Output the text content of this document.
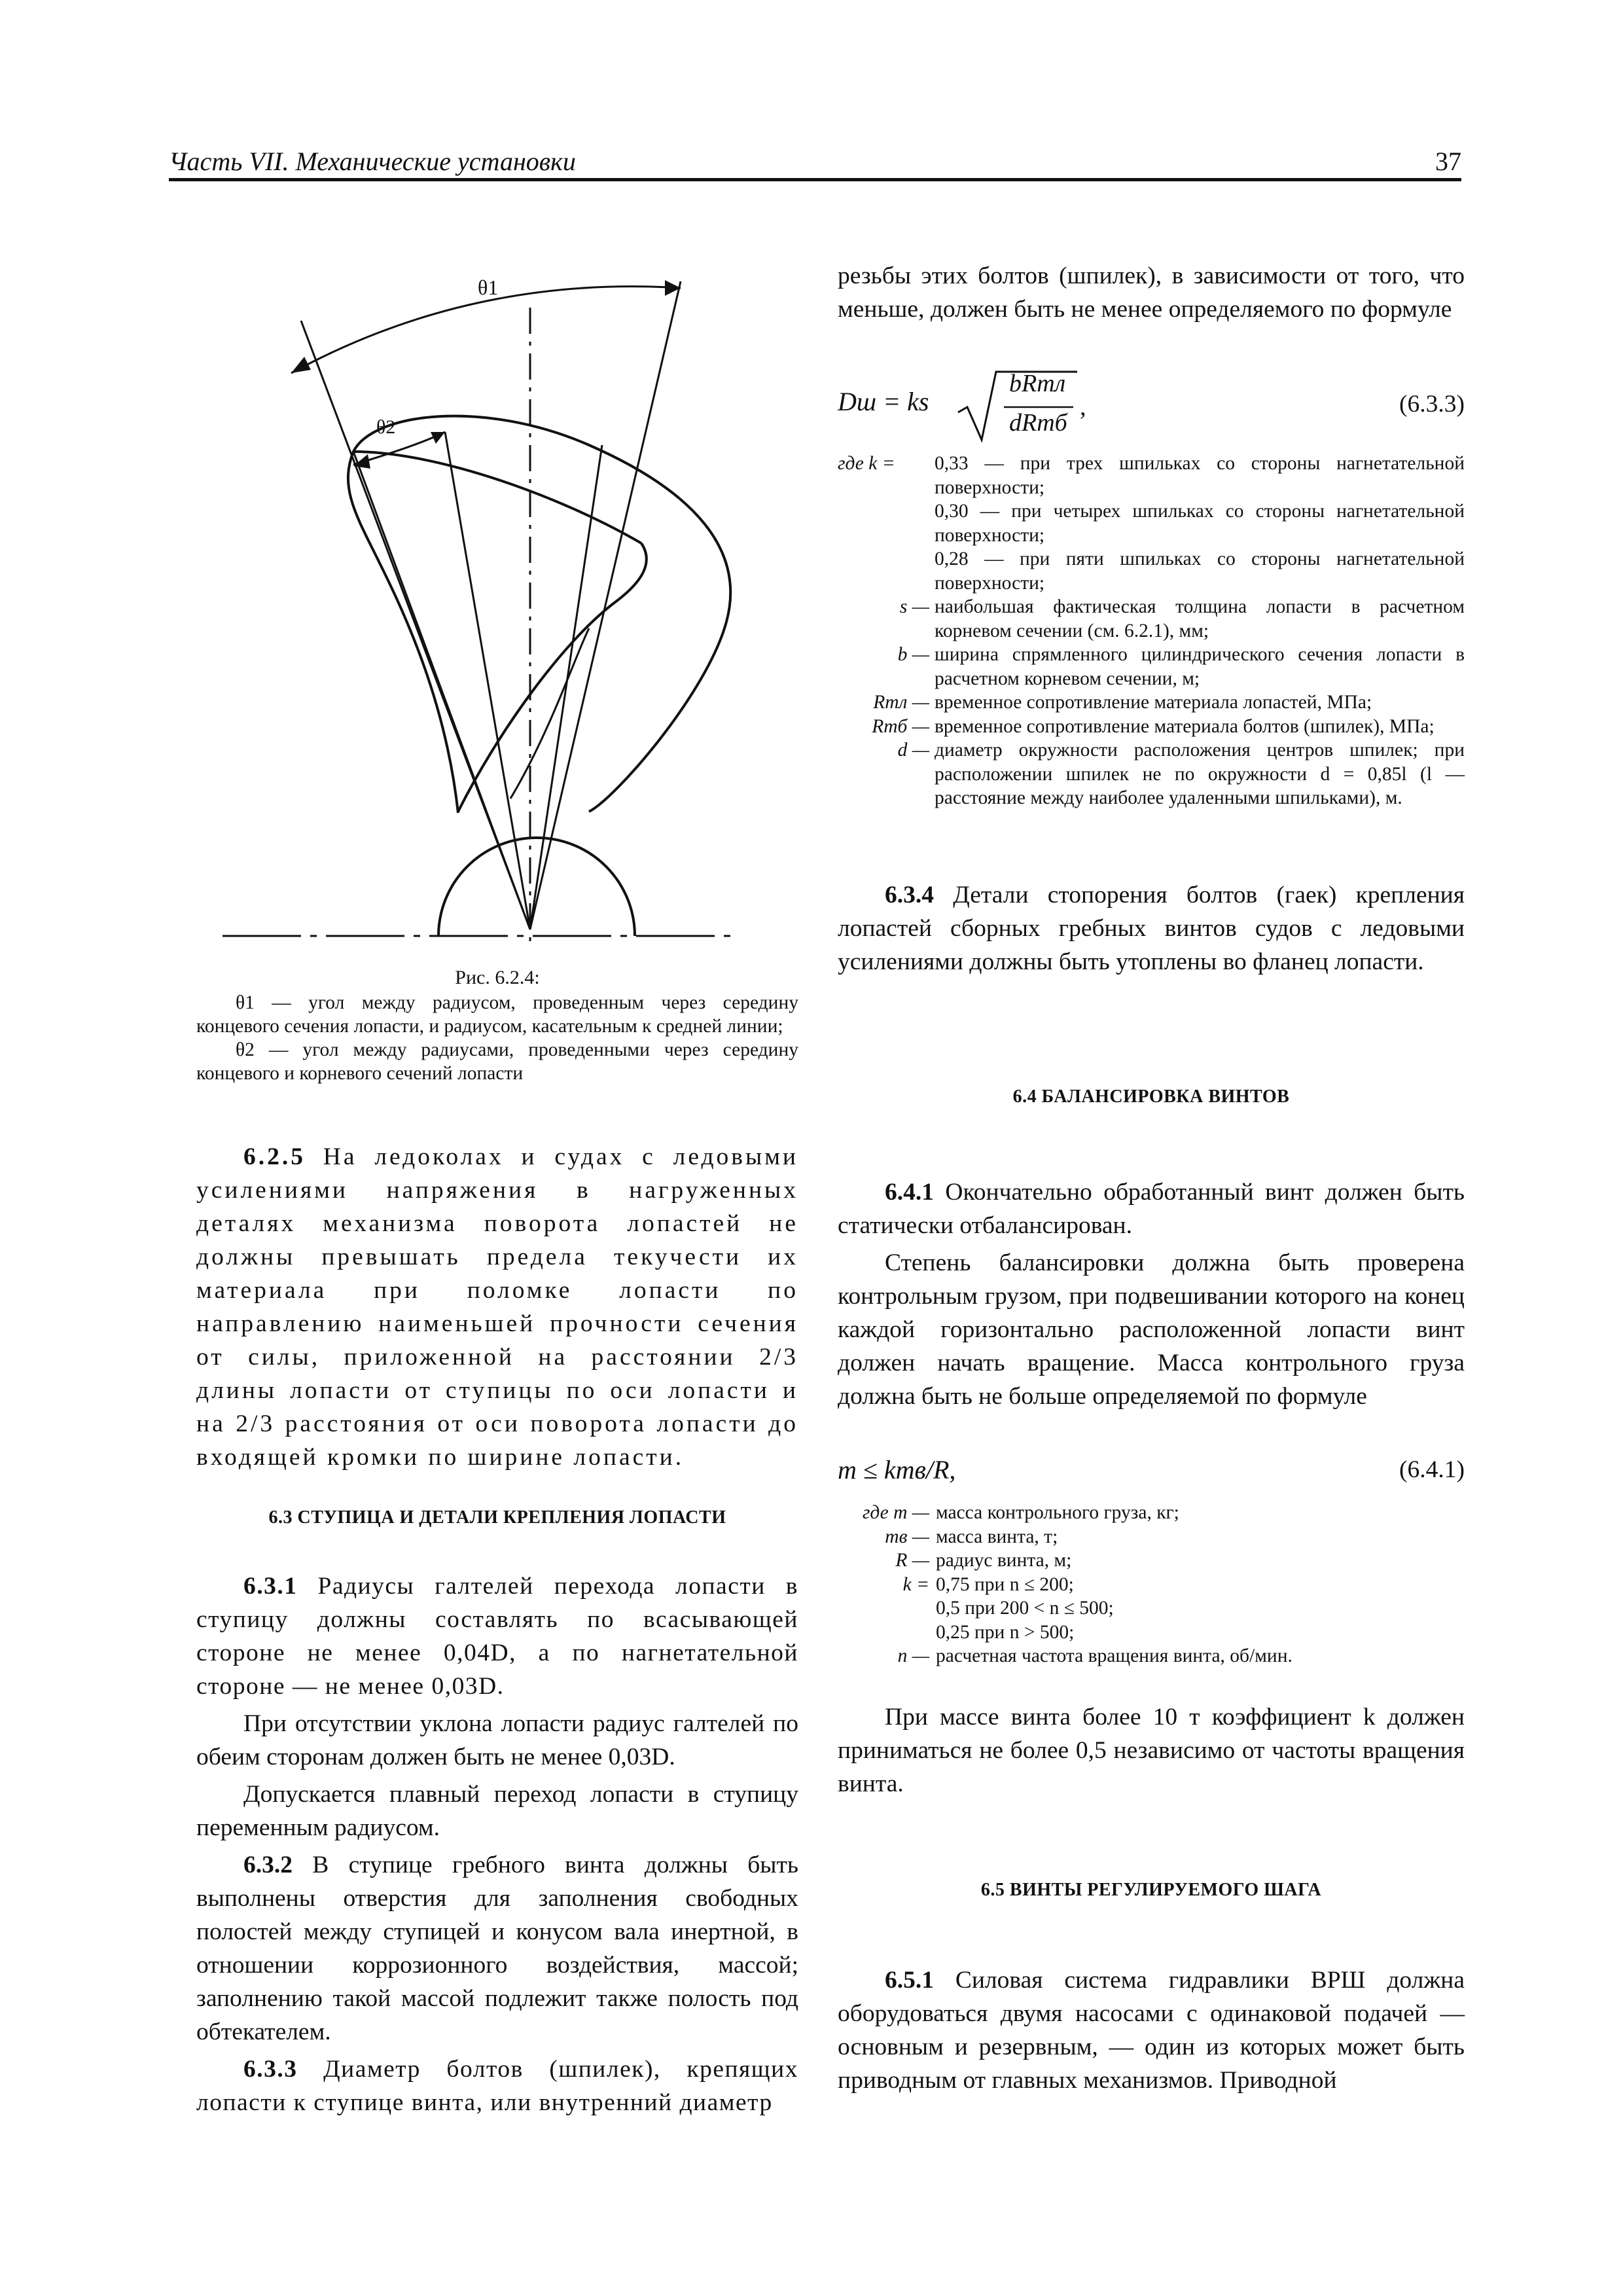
Часть VII. Механические установки	37
θ1
θ2

Рис. 6.2.4:

θ1 — угол между радиусом, проведенным через середину концевого сечения лопасти, и радиусом, касательным к средней линии;

θ2 — угол между радиусами, проведенными через середину концевого и корневого сечений лопасти

6.2.5 На ледоколах и судах с ледовыми усилениями напряжения в нагруженных деталях механизма поворота лопастей не должны превышать предела текучести их материала при поломке лопасти по направлению наименьшей прочности сечения от силы, приложенной на расстоянии 2/3 длины лопасти от ступицы по оси лопасти и на 2/3 расстояния от оси поворота лопасти до входящей кромки по ширине лопасти.

6.3 СТУПИЦА И ДЕТАЛИ КРЕПЛЕНИЯ ЛОПАСТИ

6.3.1 Радиусы галтелей перехода лопасти в ступицу должны составлять по всасывающей стороне не менее 0,04D, а по нагнетательной стороне — не менее 0,03D.

При отсутствии уклона лопасти радиус галтелей по обеим сторонам должен быть не менее 0,03D.

Допускается плавный переход лопасти в ступицу переменным радиусом.

6.3.2 В ступице гребного винта должны быть выполнены отверстия для заполнения свободных полостей между ступицей и конусом вала инертной, в отношении коррозионного воздействия, массой; заполнению такой массой подлежит также полость под обтекателем.

6.3.3 Диаметр болтов (шпилек), крепящих лопасти к ступице винта, или внутренний диаметр

резьбы этих болтов (шпилек), в зависимости от того, что меньше, должен быть не менее определяемого по формуле

Dш = ks
bRтл
dRтб
,	(6.3.3)
где k =	0,33 — при трех шпильках со стороны нагнетательной поверхности;
0,30 — при четырех шпильках со стороны нагнетательной поверхности;
0,28 — при пяти шпильках со стороны нагнетательной поверхности;
s — наибольшая фактическая толщина лопасти в расчетном корневом сечении (см. 6.2.1), мм;
b — ширина спрямленного цилиндрического сечения лопасти в расчетном корневом сечении, м;
Rтл — временное сопротивление материала лопастей, МПа;
Rтб — временное сопротивление материала болтов (шпилек), МПа;
d — диаметр окружности расположения центров шпилек; при расположении шпилек не по окружности d = 0,85l (l — расстояние между наиболее удаленными шпильками), м.

6.3.4 Детали стопорения болтов (гаек) крепления лопастей сборных гребных винтов судов с ледовыми усилениями должны быть утоплены во фланец лопасти.

6.4 БАЛАНСИРОВКА ВИНТОВ

6.4.1 Окончательно обработанный винт должен быть статически отбалансирован.

Степень балансировки должна быть проверена контрольным грузом, при подвешивании которого на конец каждой горизонтально расположенной лопасти винт должен начать вращение. Масса контрольного груза должна быть не больше определяемой по формуле

m ≤ kmв/R,	(6.4.1)
где m — масса контрольного груза, кг;
mв — масса винта, т;
R — радиус винта, м;
k = 0,75 при n ≤ 200;
0,5 при 200 < n ≤ 500;
0,25 при n > 500;
n — расчетная частота вращения винта, об/мин.

При массе винта более 10 т коэффициент k должен приниматься не более 0,5 независимо от частоты вращения винта.

6.5 ВИНТЫ РЕГУЛИРУЕМОГО ШАГА

6.5.1 Силовая система гидравлики ВРШ должна оборудоваться двумя насосами с одинаковой подачей — основным и резервным, — один из которых может быть приводным от главных механизмов. Приводной
